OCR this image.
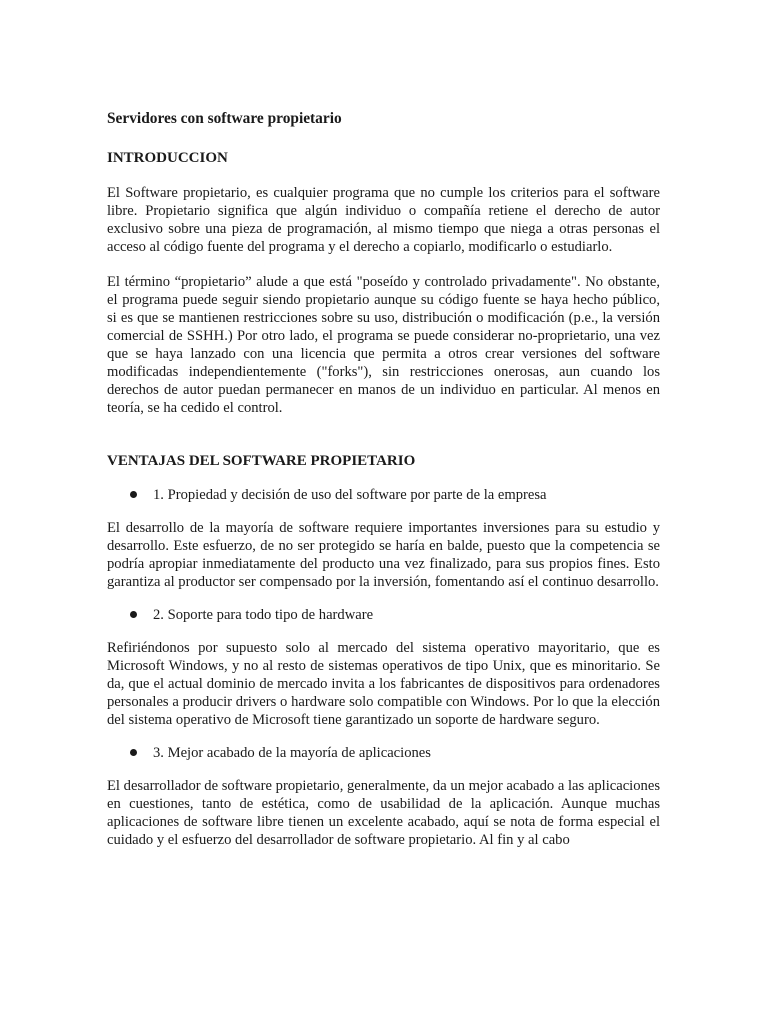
Servidores con software propietario

INTRODUCCION

El Software propietario, es cualquier programa que no cumple los criterios para el software libre. Propietario significa que algún individuo o compañía retiene el derecho de autor exclusivo sobre una pieza de programación, al mismo tiempo que niega a otras personas el acceso al código fuente del programa y el derecho a copiarlo, modificarlo o estudiarlo.

El término “propietario” alude a que está "poseído y controlado privadamente". No obstante, el programa puede seguir siendo propietario aunque su código fuente se haya hecho público, si es que se mantienen restricciones sobre su uso, distribución o modificación (p.e., la versión comercial de SSHH.) Por otro lado, el programa se puede considerar no-proprietario, una vez que se haya lanzado con una licencia que permita a otros crear versiones del software modificadas independientemente ("forks"), sin restricciones onerosas, aun cuando los derechos de autor puedan permanecer en manos de un individuo en particular. Al menos en teoría, se ha cedido el control.

VENTAJAS DEL SOFTWARE PROPIETARIO

1. Propiedad y decisión de uso del software por parte de la empresa

El desarrollo de la mayoría de software requiere importantes inversiones para su estudio y desarrollo. Este esfuerzo, de no ser protegido se haría en balde, puesto que la competencia se podría apropiar inmediatamente del producto una vez finalizado, para sus propios fines. Esto garantiza al productor ser compensado por la inversión, fomentando así el continuo desarrollo.

2. Soporte para todo tipo de hardware

Refiriéndonos por supuesto solo al mercado del sistema operativo mayoritario, que es Microsoft Windows, y no al resto de sistemas operativos de tipo Unix, que es minoritario. Se da, que el actual dominio de mercado invita a los fabricantes de dispositivos para ordenadores personales a producir drivers o hardware solo compatible con Windows. Por lo que la elección del sistema operativo de Microsoft tiene garantizado un soporte de hardware seguro.

3. Mejor acabado de la mayoría de aplicaciones

El desarrollador de software propietario, generalmente, da un mejor acabado a las aplicaciones en cuestiones, tanto de estética, como de usabilidad de la aplicación. Aunque muchas aplicaciones de software libre tienen un excelente acabado, aquí se nota de forma especial el cuidado y el esfuerzo del desarrollador de software propietario. Al fin y al cabo
